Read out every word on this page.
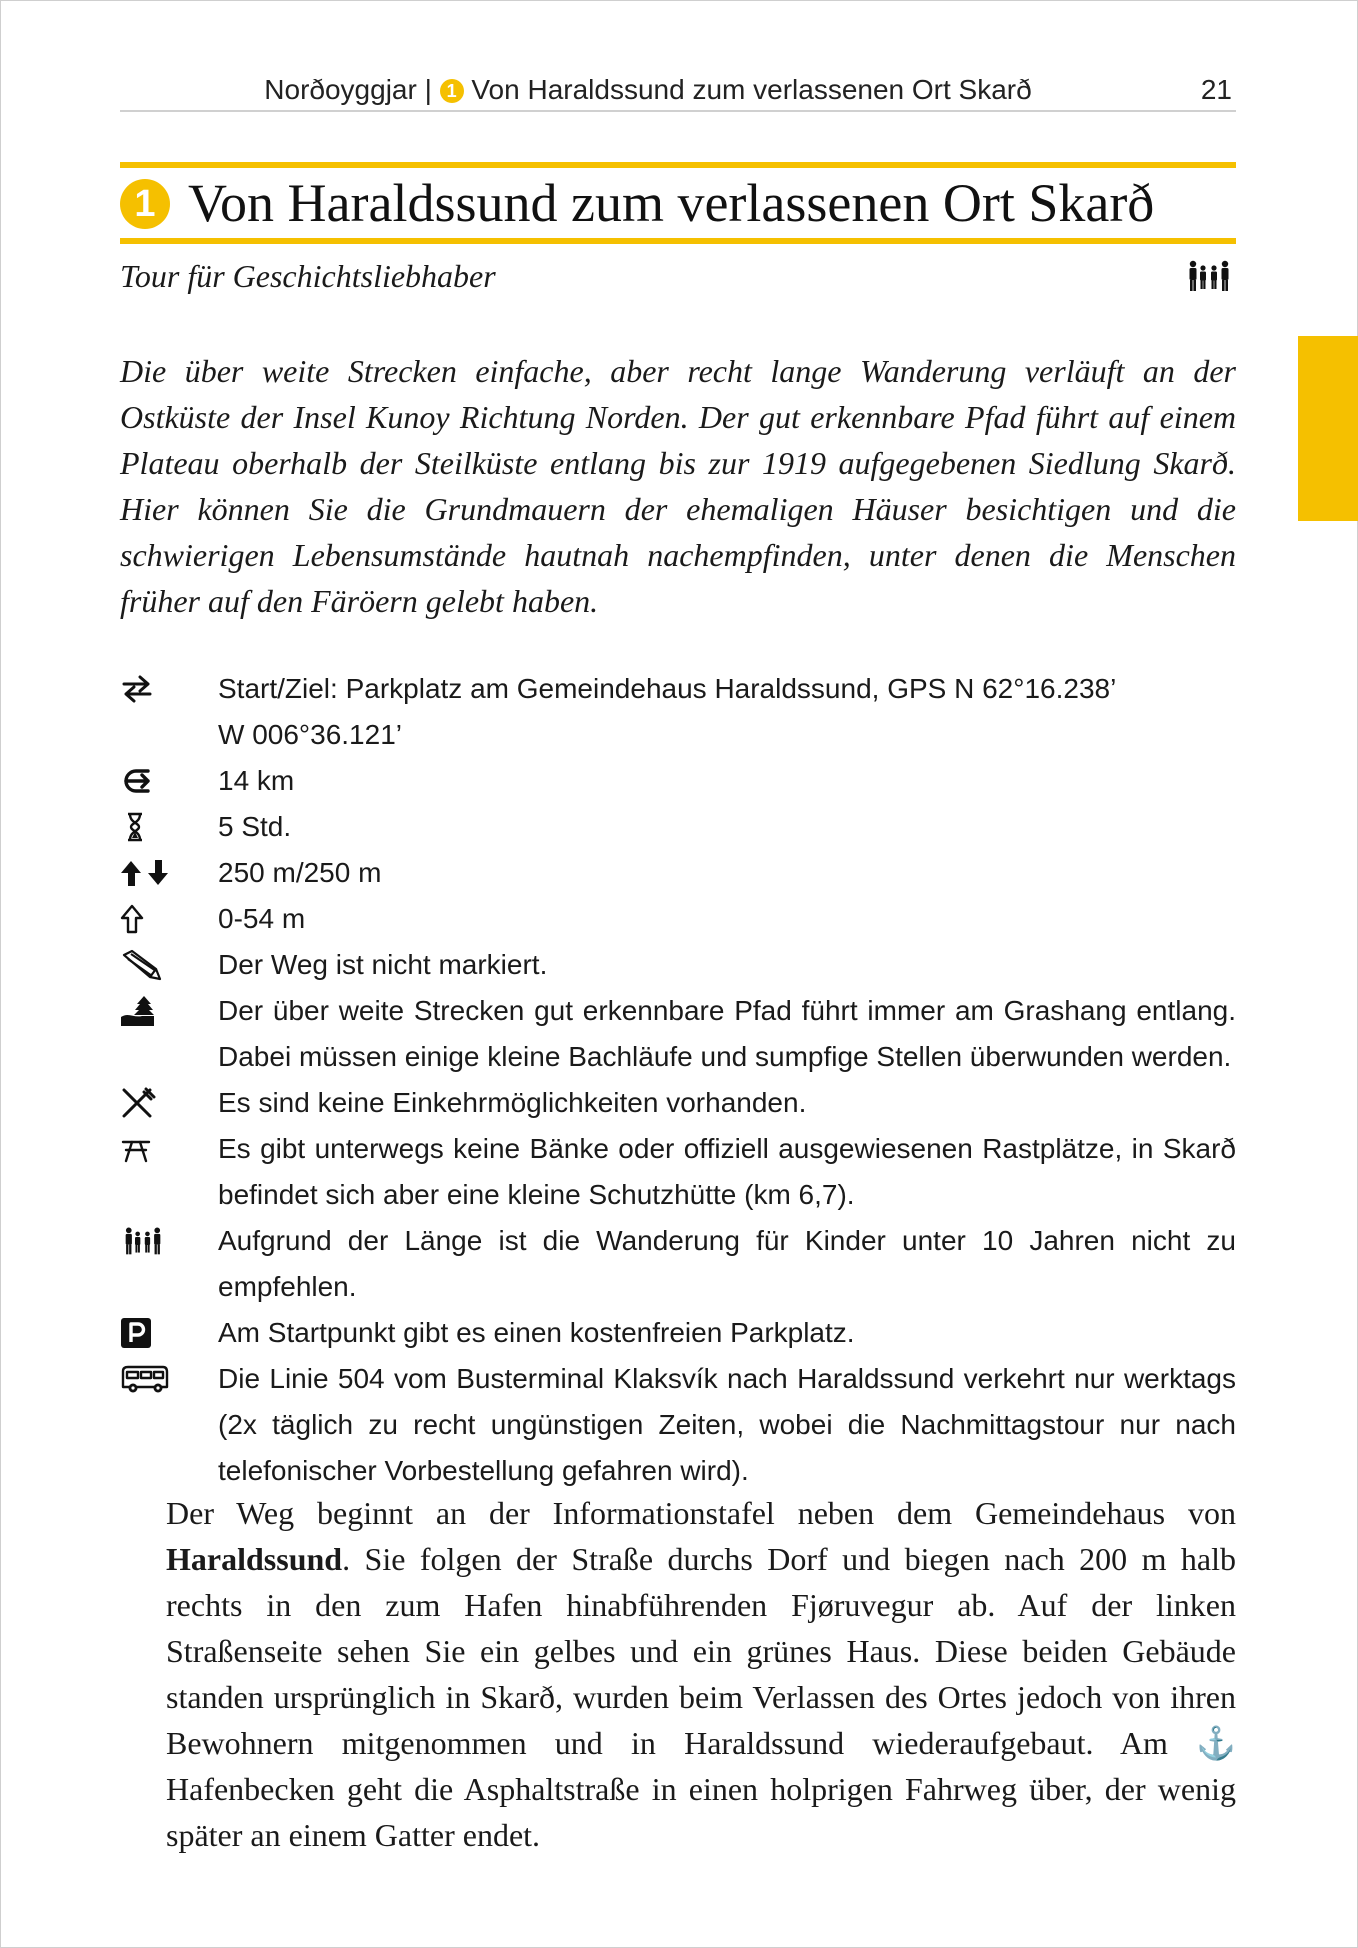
Norðoyggjar | 1 Von Haraldssund zum verlassenen Ort Skarð	21
1 Von Haraldssund zum verlassenen Ort Skarð
Tour für Geschichtsliebhaber
Die über weite Strecken einfache, aber recht lange Wanderung verläuft an der Ostküste der Insel Kunoy Richtung Norden. Der gut erkennbare Pfad führt auf einem Plateau oberhalb der Steilküste entlang bis zur 1919 aufgegebenen Siedlung Skarð. Hier können Sie die Grundmauern der ehemaligen Häuser besichtigen und die schwierigen Lebensumstände hautnah nachempfinden, unter denen die Menschen früher auf den Färöern gelebt haben.
Start/Ziel: Parkplatz am Gemeindehaus Haraldssund, GPS N 62°16.238’
W 006°36.121’
14 km
5 Std.
250 m/250 m
0-54 m
Der Weg ist nicht markiert.
Der über weite Strecken gut erkennbare Pfad führt immer am Grashang entlang. Dabei müssen einige kleine Bachläufe und sumpfige Stellen überwunden werden.
Es sind keine Einkehrmöglichkeiten vorhanden.
Es gibt unterwegs keine Bänke oder offiziell ausgewiesenen Rastplätze, in Skarð befindet sich aber eine kleine Schutzhütte (km 6,7).
Aufgrund der Länge ist die Wanderung für Kinder unter 10 Jahren nicht zu empfehlen.
Am Startpunkt gibt es einen kostenfreien Parkplatz.
Die Linie 504 vom Busterminal Klaksvík nach Haraldssund verkehrt nur werktags (2x täglich zu recht ungünstigen Zeiten, wobei die Nachmittagstour nur nach telefonischer Vorbestellung gefahren wird).
Der Weg beginnt an der Informationstafel neben dem Gemeindehaus von Haraldssund. Sie folgen der Straße durchs Dorf und biegen nach 200 m halb rechts in den zum Hafen hinabführenden Fjøruvegur ab. Auf der linken Straßenseite sehen Sie ein gelbes und ein grünes Haus. Diese beiden Gebäude standen ursprünglich in Skarð, wurden beim Verlassen des Ortes jedoch von ihren Bewohnern mitgenommen und in Haraldssund wiederaufgebaut. Am ⚓ Hafenbecken geht die Asphaltstraße in einen holprigen Fahrweg über, der wenig später an einem Gatter endet.
